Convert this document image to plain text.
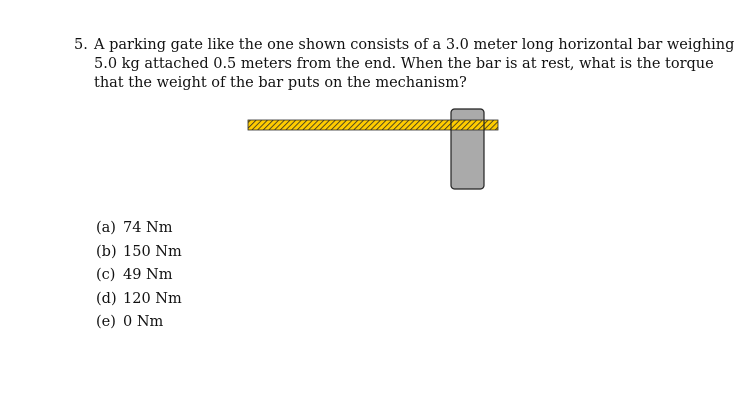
5. A parking gate like the one shown consists of a 3.0 meter long horizontal bar weighing
5.0 kg attached 0.5 meters from the end. When the bar is at rest, what is the torque
that the weight of the bar puts on the mechanism?
(a) 74 Nm
(b) 150 Nm
(c) 49 Nm
(d) 120 Nm
(e) 0 Nm
